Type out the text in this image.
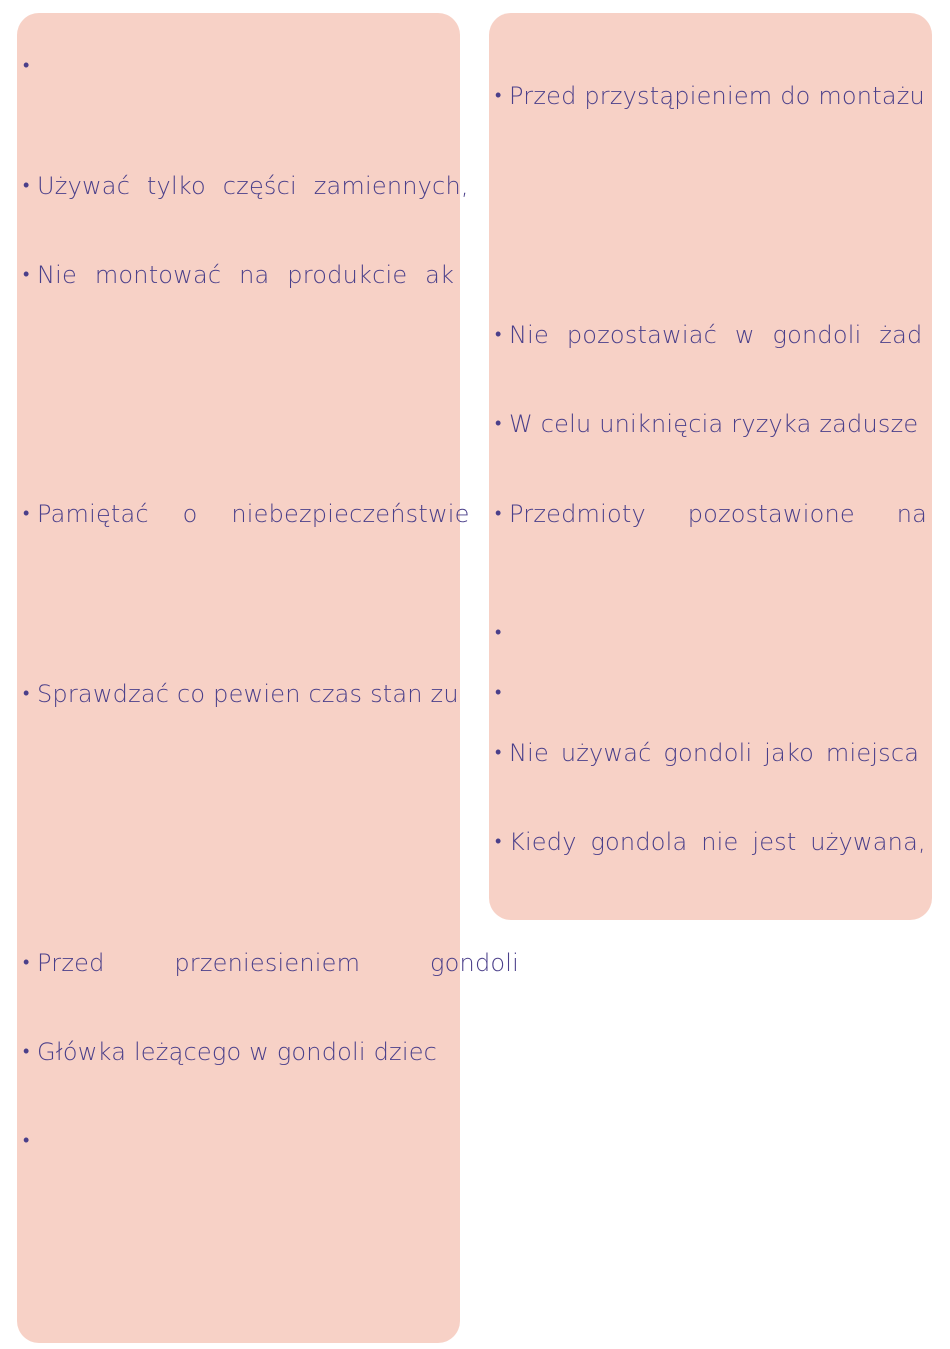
•
• Używać tylko części zamiennych,
• Nie montować na produkcie ak
• Pamiętać o niebezpieczeństwie
• Sprawdzać co pewien czas stan zu
• Przed przeniesieniem gondoli
• Główka leżącego w gondoli dziec
•
• Przed przystąpieniem do montażu
• Nie pozostawiać w gondoli żad
• W celu uniknięcia ryzyka zadusze
• Przedmioty pozostawione na
•
•
• Nie używać gondoli jako miejsca
• Kiedy gondola nie jest używana,
